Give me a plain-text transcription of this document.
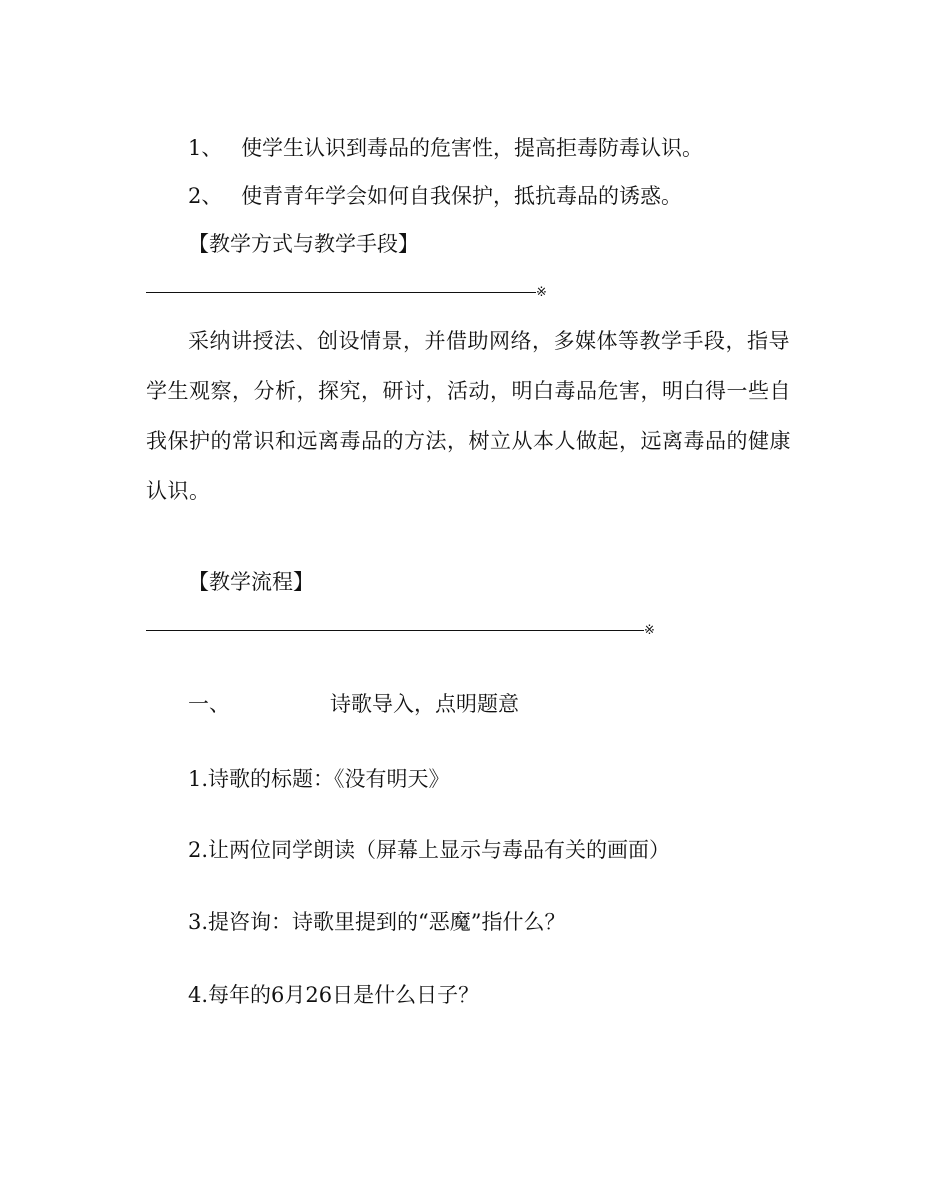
1、 使学生认识到毒品的危害性，提高拒毒防毒认识。
2、 使青青年学会如何自我保护，抵抗毒品的诱惑。
【教学方式与教学手段】
※
采纳讲授法、创设情景，并借助网络，多媒体等教学手段，指导学生观察，分析，探究，研讨，活动，明白毒品危害，明白得一些自我保护的常识和远离毒品的方法，树立从本人做起，远离毒品的健康认识。
【教学流程】
※
一、	诗歌导入，点明题意
1.诗歌的标题：《没有明天》
2.让两位同学朗读（屏幕上显示与毒品有关的画面）
3.提咨询：诗歌里提到的“恶魔”指什么？
4.每年的6月26日是什么日子？
